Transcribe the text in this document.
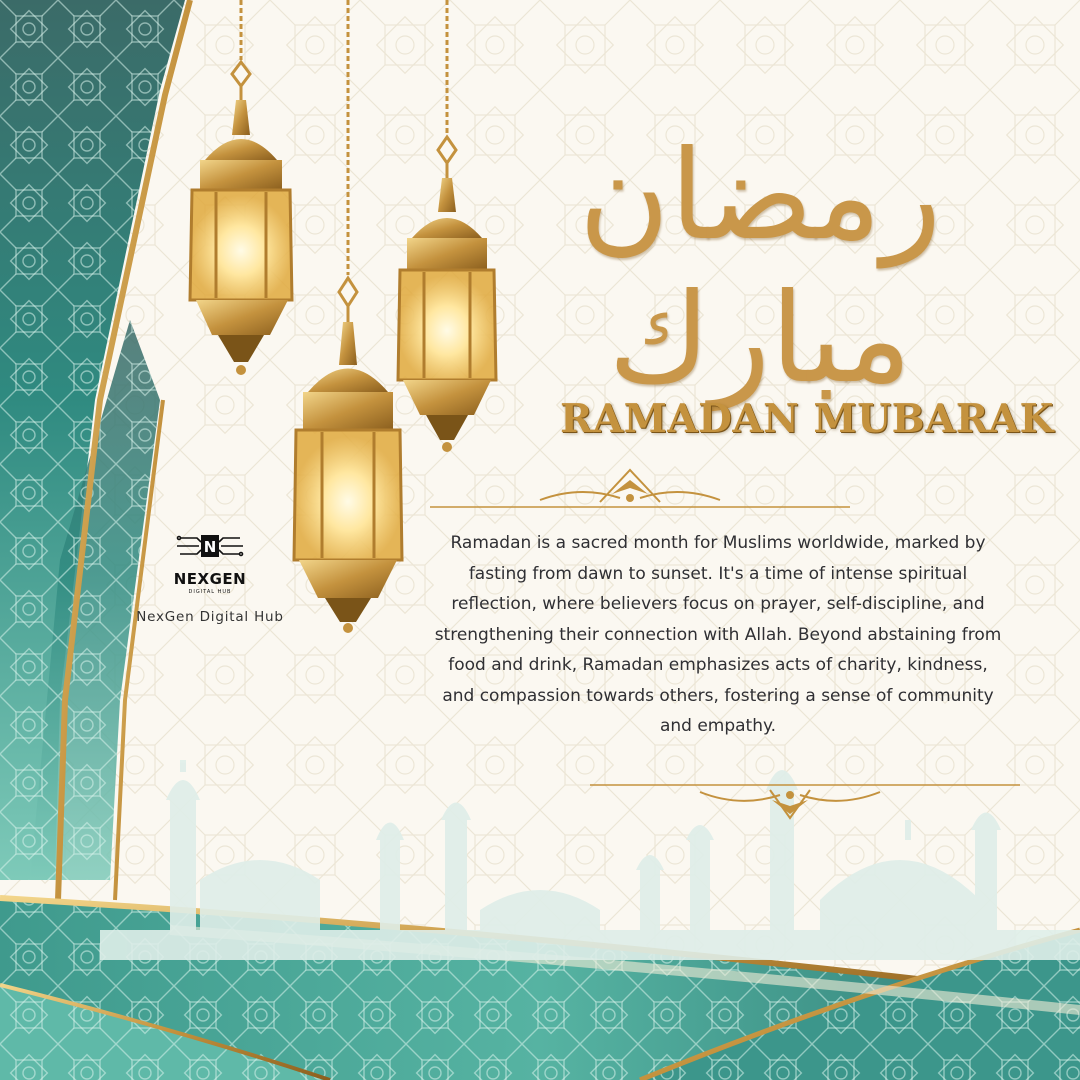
رمضان مبارك
RAMADAN MUBARAK

Ramadan is a sacred month for Muslims worldwide, marked by fasting from dawn to sunset. It's a time of intense spiritual reflection, where believers focus on prayer, self-discipline, and strengthening their connection with Allah. Beyond abstaining from food and drink, Ramadan emphasizes acts of charity, kindness, and compassion towards others, fostering a sense of community and empathy.

N
NEXGEN
DIGITAL HUB
NexGen Digital Hub
